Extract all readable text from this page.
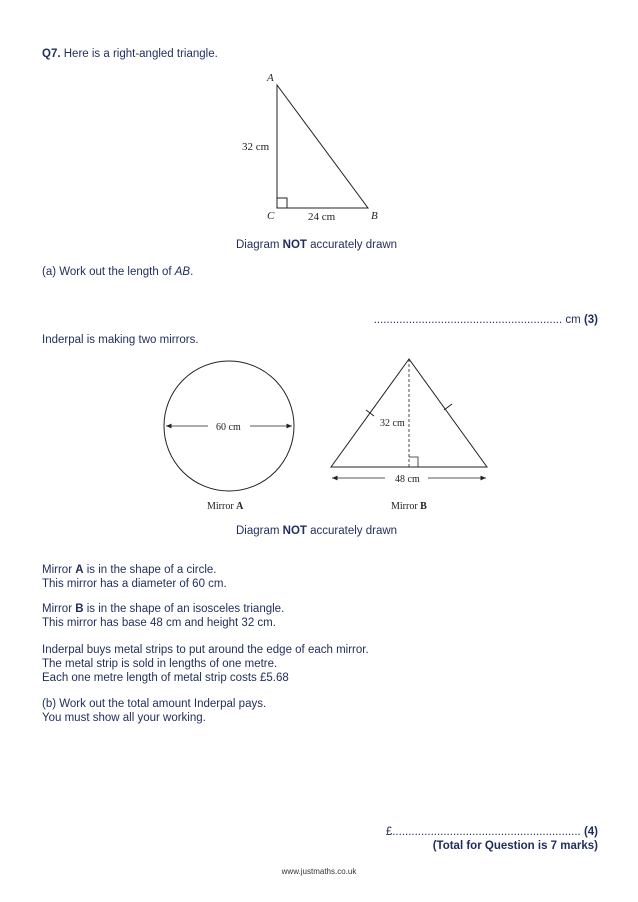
Q7. Here is a right-angled triangle.
A
C	B
32 cm
24 cm
Diagram NOT accurately drawn
(a) Work out the length of AB.
........................................................... cm (3)
Inderpal is making two mirrors.
60 cm	32 cm
48 cm
Mirror A	Mirror B
Diagram NOT accurately drawn
Mirror A is in the shape of a circle.
This mirror has a diameter of 60 cm.
Mirror B is in the shape of an isosceles triangle.
This mirror has base 48 cm and height 32 cm.
Inderpal buys metal strips to put around the edge of each mirror.
The metal strip is sold in lengths of one metre.
Each one metre length of metal strip costs £5.68
(b) Work out the total amount Inderpal pays.
You must show all your working.
£........................................................... (4)
(Total for Question is 7 marks)
www.justmaths.co.uk
